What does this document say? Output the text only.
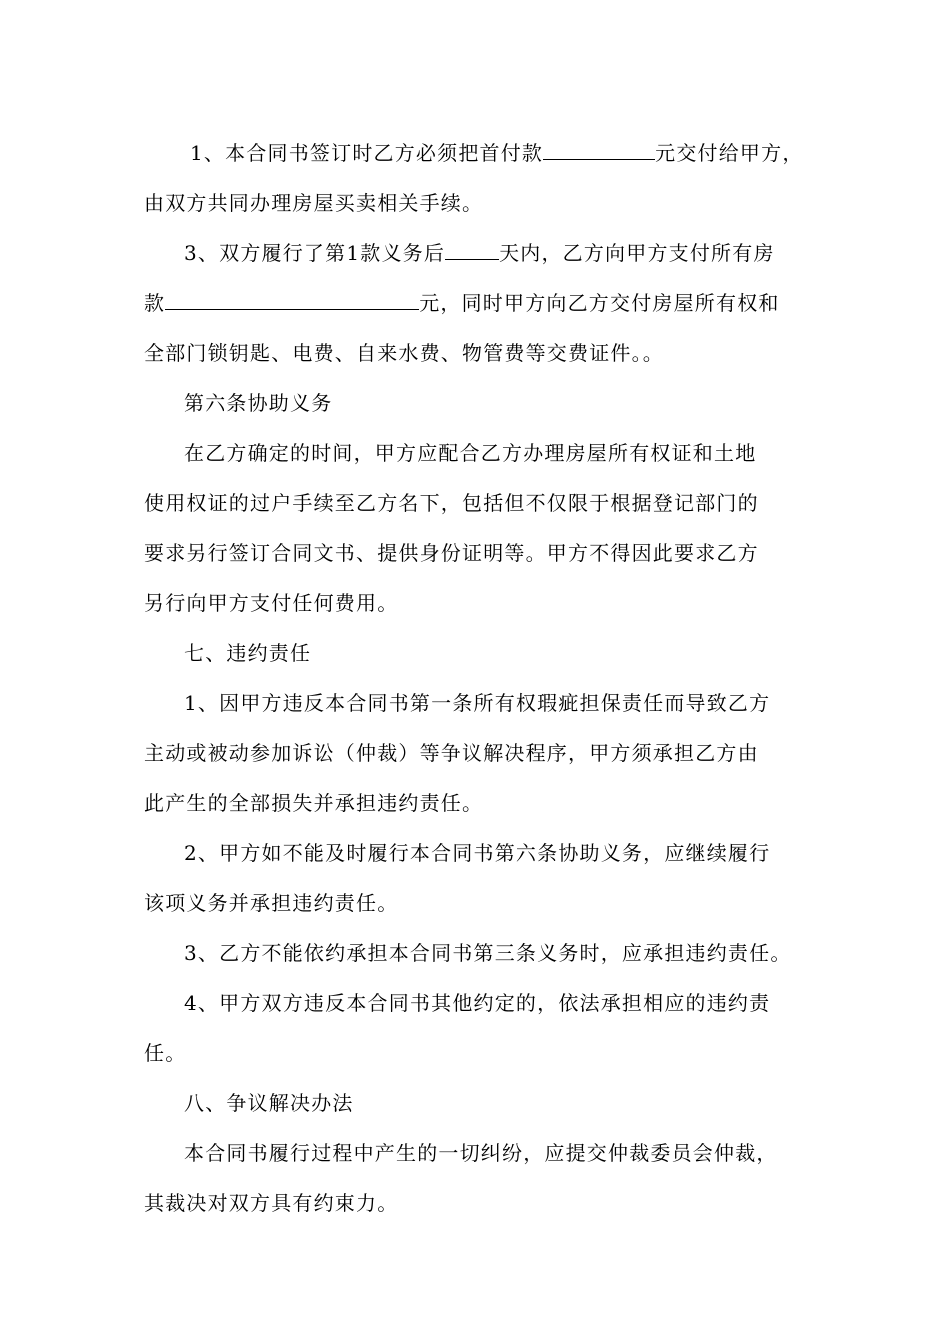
1、本合同书签订时乙方必须把首付款	元交付给甲方，
由双方共同办理房屋买卖相关手续。
3、双方履行了第1款义务后	天内，乙方向甲方支付所有房
款	元，同时甲方向乙方交付房屋所有权和
全部门锁钥匙、电费、自来水费、物管费等交费证件。。
第六条协助义务
在乙方确定的时间，甲方应配合乙方办理房屋所有权证和土地
使用权证的过户手续至乙方名下，包括但不仅限于根据登记部门的
要求另行签订合同文书、提供身份证明等。甲方不得因此要求乙方
另行向甲方支付任何费用。
七、违约责任
1、因甲方违反本合同书第一条所有权瑕疵担保责任而导致乙方
主动或被动参加诉讼（仲裁）等争议解决程序，甲方须承担乙方由
此产生的全部损失并承担违约责任。
2、甲方如不能及时履行本合同书第六条协助义务，应继续履行
该项义务并承担违约责任。
3、乙方不能依约承担本合同书第三条义务时，应承担违约责任。
4、甲方双方违反本合同书其他约定的，依法承担相应的违约责
任。
八、争议解决办法
本合同书履行过程中产生的一切纠纷，应提交仲裁委员会仲裁，
其裁决对双方具有约束力。
